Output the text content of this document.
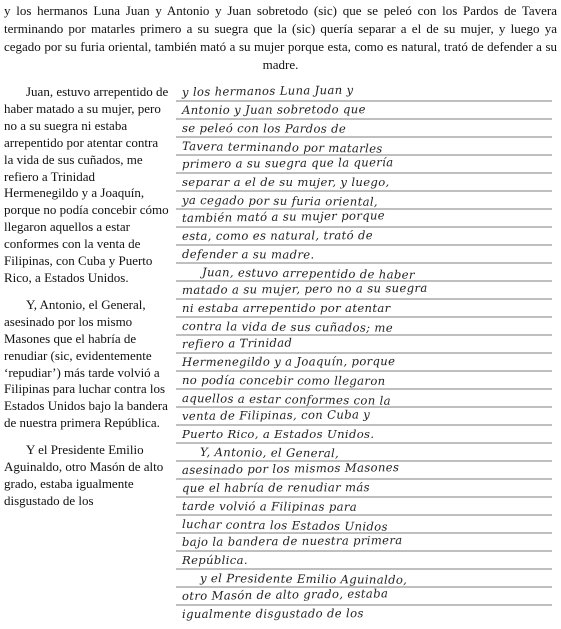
y los hermanos Luna Juan y Antonio y Juan sobretodo (sic) que se peleó con los Pardos de Tavera terminando por matarles primero a su suegra que la (sic) quería separar a el de su mujer, y luego ya cegado por su furia oriental, también mató a su mujer porque esta, como es natural, trató de defender a su madre.

Juan, estuvo arrepentido de haber matado a su mujer, pero no a su suegra ni estaba arrepentido por atentar contra la vida de sus cuñados, me refiero a Trinidad Hermenegildo y a Joaquín, porque no podía concebir cómo llegaron aquellos a estar conformes con la venta de Filipinas, con Cuba y Puerto Rico, a Estados Unidos.

Y, Antonio, el General, asesinado por los mismo Masones que el habría de renudiar (sic, evidentemente ‘repudiar’) más tarde volvió a Filipinas para luchar contra los Estados Unidos bajo la bandera de nuestra primera República.

Y el Presidente Emilio Aguinaldo, otro Masón de alto grado, estaba igualmente disgustado de los

y los hermanos Luna Juan y
Antonio y Juan sobretodo que
se peleó con los Pardos de
Tavera terminando por matarles
primero a su suegra que la quería
separar a el de su mujer, y luego,
ya cegado por su furia oriental,
también mató a su mujer porque
esta, como es natural, trató de
defender a su madre.
Juan, estuvo arrepentido de haber
matado a su mujer, pero no a su suegra
ni estaba arrepentido por atentar
contra la vida de sus cuñados; me
refiero a Trinidad
Hermenegildo y a Joaquín, porque
no podía concebir como llegaron
aquellos a estar conformes con la
venta de Filipinas, con Cuba y
Puerto Rico, a Estados Unidos.
Y, Antonio, el General,
asesinado por los mismos Masones
que el habría de renudiar más
tarde volvió a Filipinas para
luchar contra los Estados Unidos
bajo la bandera de nuestra primera
República.
y el Presidente Emilio Aguinaldo,
otro Masón de alto grado, estaba
igualmente disgustado de los
